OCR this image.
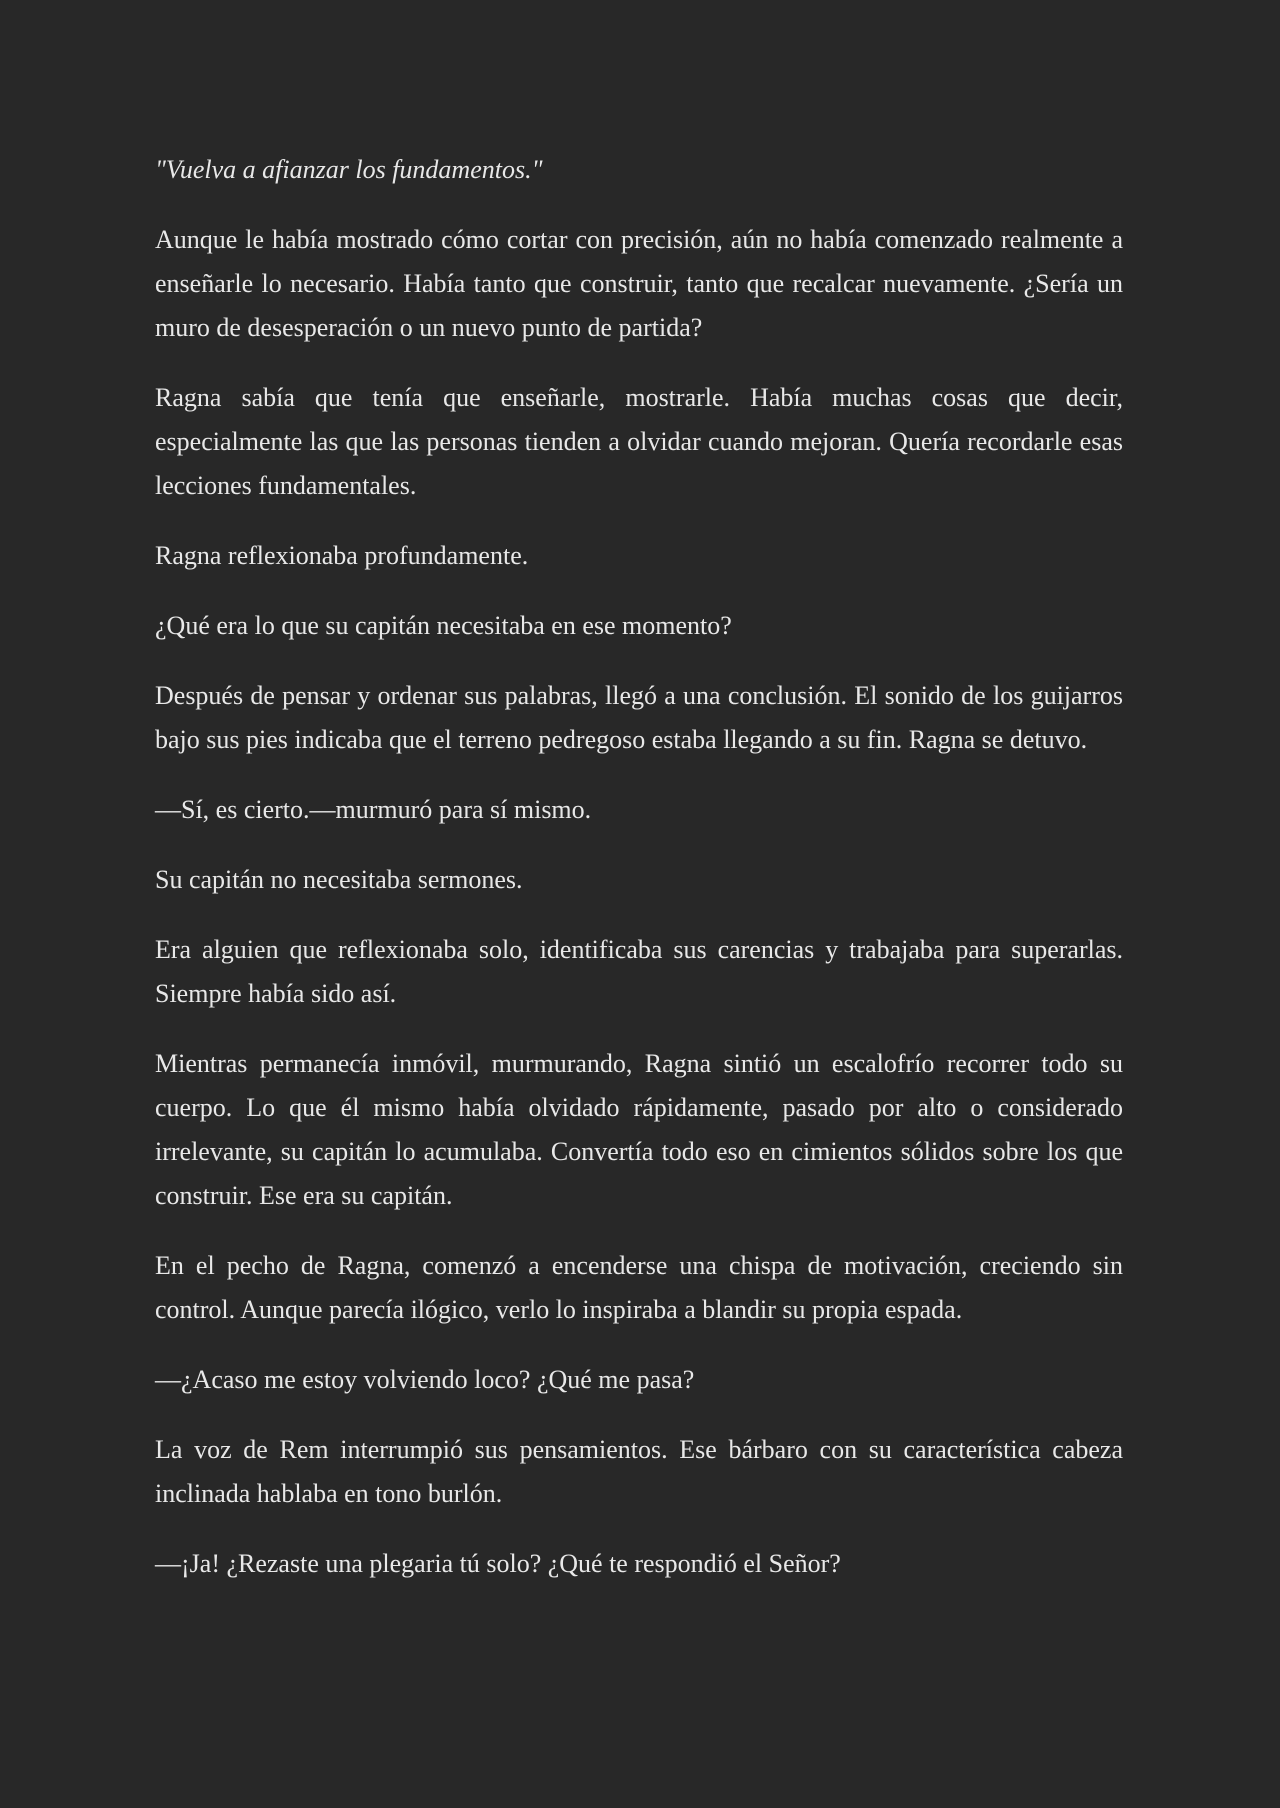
"Vuelva a afianzar los fundamentos."

Aunque le había mostrado cómo cortar con precisión, aún no había comenzado realmente a enseñarle lo necesario. Había tanto que construir, tanto que recalcar nuevamente. ¿Sería un muro de desesperación o un nuevo punto de partida?

Ragna sabía que tenía que enseñarle, mostrarle. Había muchas cosas que decir, especialmente las que las personas tienden a olvidar cuando mejoran. Quería recordarle esas lecciones fundamentales.

Ragna reflexionaba profundamente.

¿Qué era lo que su capitán necesitaba en ese momento?

Después de pensar y ordenar sus palabras, llegó a una conclusión. El sonido de los guijarros bajo sus pies indicaba que el terreno pedregoso estaba llegando a su fin. Ragna se detuvo.

—Sí, es cierto.—murmuró para sí mismo.

Su capitán no necesitaba sermones.

Era alguien que reflexionaba solo, identificaba sus carencias y trabajaba para superarlas. Siempre había sido así.

Mientras permanecía inmóvil, murmurando, Ragna sintió un escalofrío recorrer todo su cuerpo. Lo que él mismo había olvidado rápidamente, pasado por alto o considerado irrelevante, su capitán lo acumulaba. Convertía todo eso en cimientos sólidos sobre los que construir. Ese era su capitán.

En el pecho de Ragna, comenzó a encenderse una chispa de motivación, creciendo sin control. Aunque parecía ilógico, verlo lo inspiraba a blandir su propia espada.

—¿Acaso me estoy volviendo loco? ¿Qué me pasa?

La voz de Rem interrumpió sus pensamientos. Ese bárbaro con su característica cabeza inclinada hablaba en tono burlón.

—¡Ja! ¿Rezaste una plegaria tú solo? ¿Qué te respondió el Señor?
